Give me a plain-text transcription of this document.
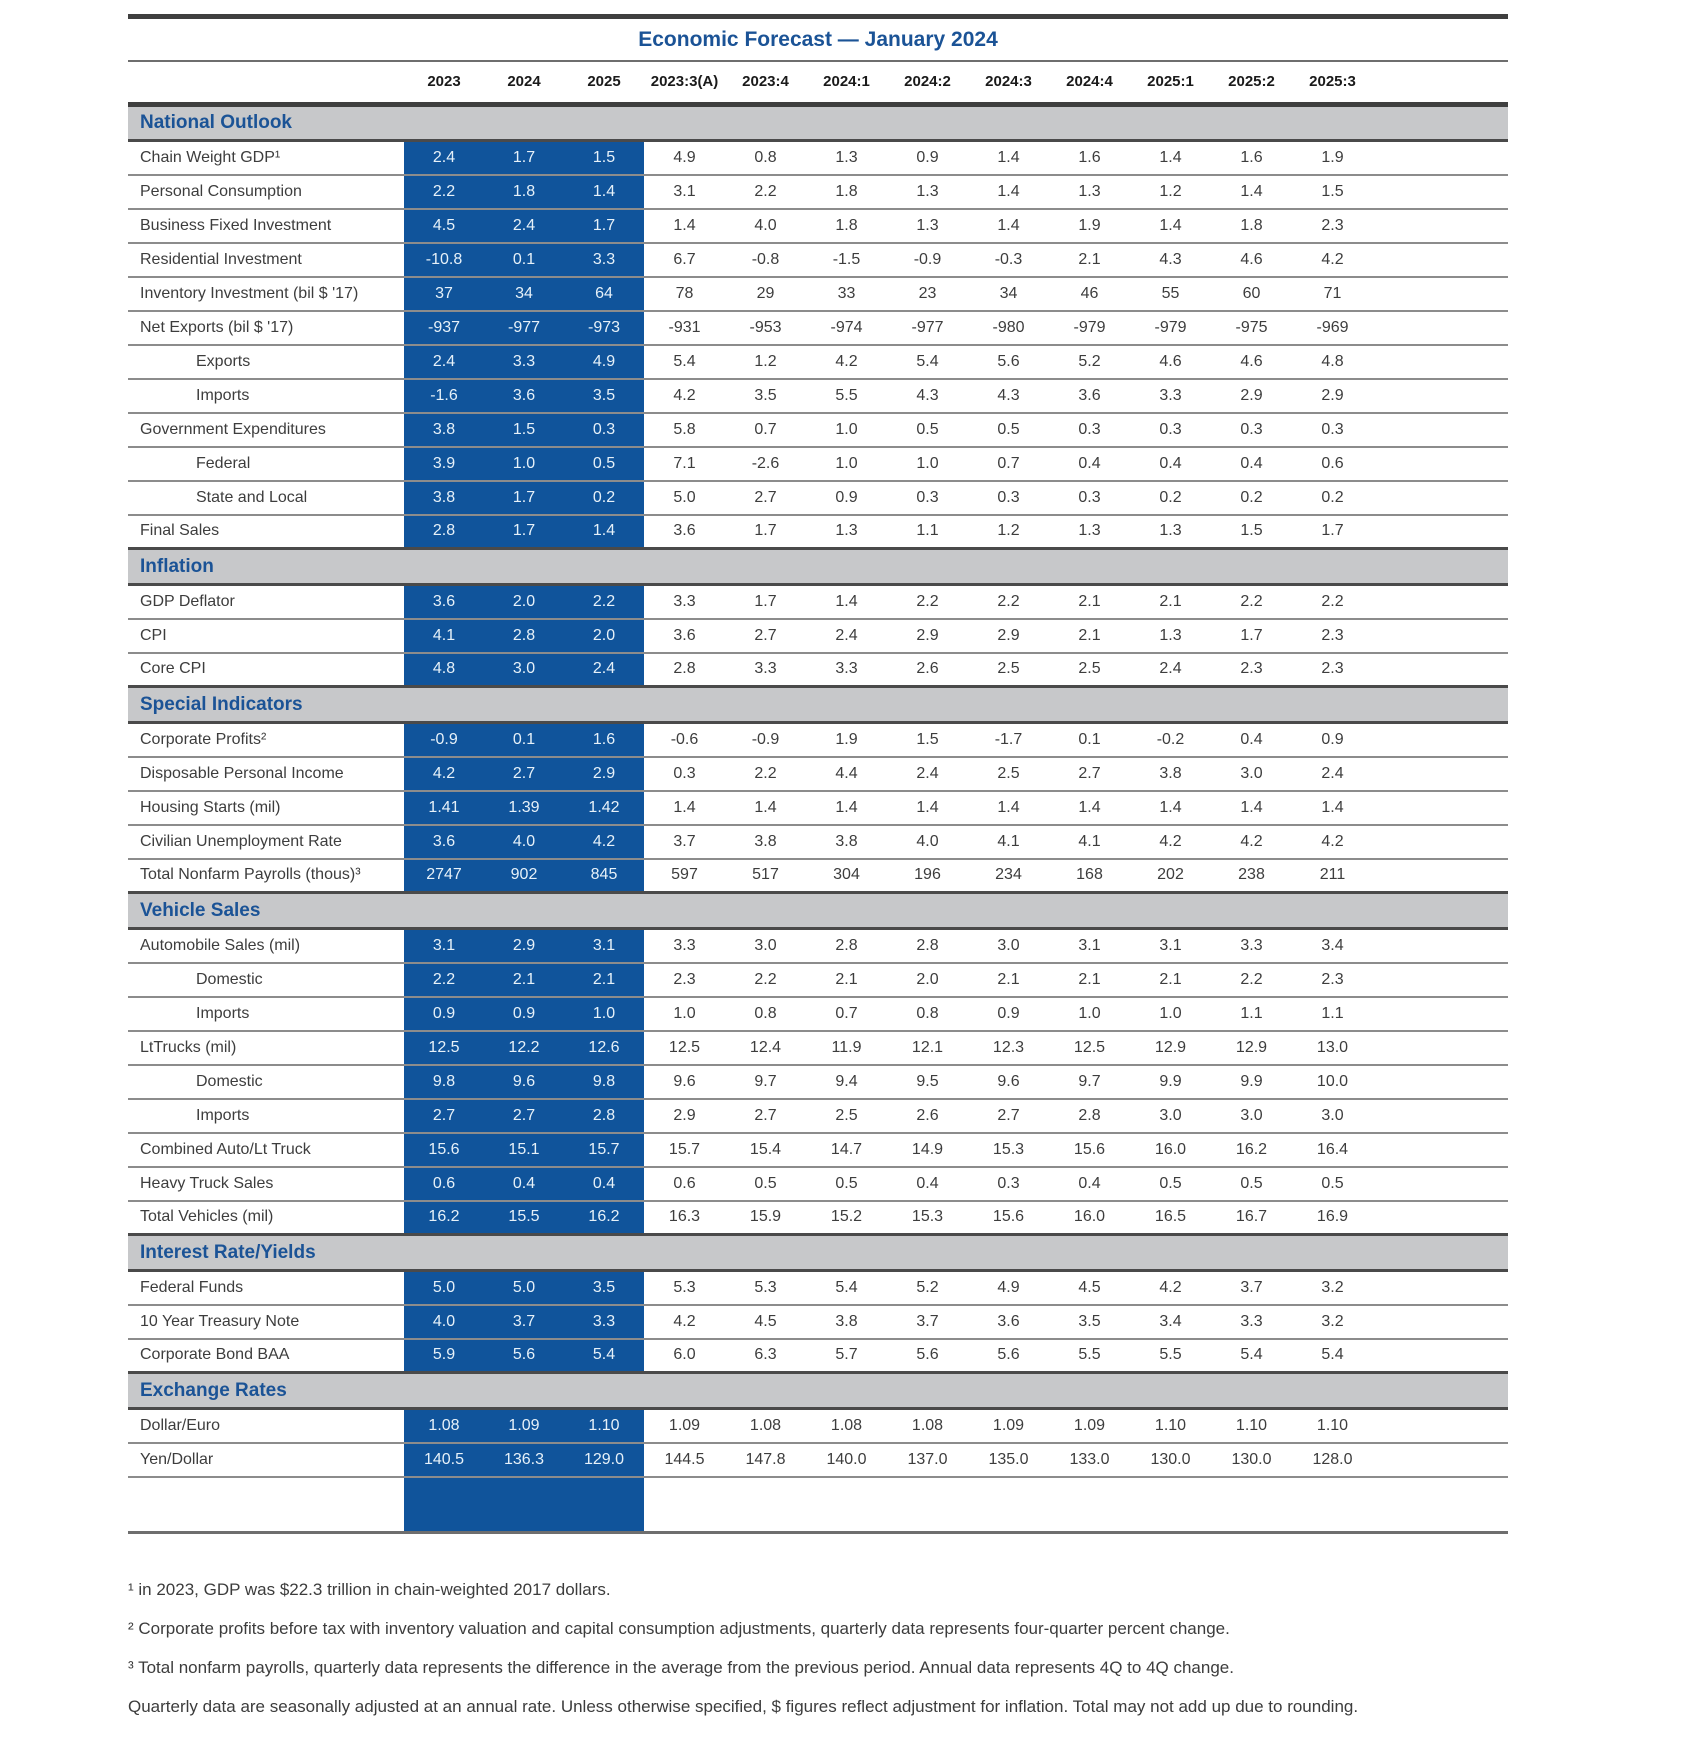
Economic Forecast — January 2024
	2023	2024	2025	2023:3(A)	2023:4	2024:1	2024:2	2024:3	2024:4	2025:1	2025:2	2025:3	
National Outlook													
Chain Weight GDP¹	2.4	1.7	1.5	4.9	0.8	1.3	0.9	1.4	1.6	1.4	1.6	1.9	
Personal Consumption	2.2	1.8	1.4	3.1	2.2	1.8	1.3	1.4	1.3	1.2	1.4	1.5	
Business Fixed Investment	4.5	2.4	1.7	1.4	4.0	1.8	1.3	1.4	1.9	1.4	1.8	2.3	
Residential Investment	-10.8	0.1	3.3	6.7	-0.8	-1.5	-0.9	-0.3	2.1	4.3	4.6	4.2	
Inventory Investment (bil $ '17)	37	34	64	78	29	33	23	34	46	55	60	71	
Net Exports (bil $ '17)	-937	-977	-973	-931	-953	-974	-977	-980	-979	-979	-975	-969	
Exports	2.4	3.3	4.9	5.4	1.2	4.2	5.4	5.6	5.2	4.6	4.6	4.8	
Imports	-1.6	3.6	3.5	4.2	3.5	5.5	4.3	4.3	3.6	3.3	2.9	2.9	
Government Expenditures	3.8	1.5	0.3	5.8	0.7	1.0	0.5	0.5	0.3	0.3	0.3	0.3	
Federal	3.9	1.0	0.5	7.1	-2.6	1.0	1.0	0.7	0.4	0.4	0.4	0.6	
State and Local	3.8	1.7	0.2	5.0	2.7	0.9	0.3	0.3	0.3	0.2	0.2	0.2	
Final Sales	2.8	1.7	1.4	3.6	1.7	1.3	1.1	1.2	1.3	1.3	1.5	1.7	
Inflation													
GDP Deflator	3.6	2.0	2.2	3.3	1.7	1.4	2.2	2.2	2.1	2.1	2.2	2.2	
CPI	4.1	2.8	2.0	3.6	2.7	2.4	2.9	2.9	2.1	1.3	1.7	2.3	
Core CPI	4.8	3.0	2.4	2.8	3.3	3.3	2.6	2.5	2.5	2.4	2.3	2.3	
Special Indicators													
Corporate Profits²	-0.9	0.1	1.6	-0.6	-0.9	1.9	1.5	-1.7	0.1	-0.2	0.4	0.9	
Disposable Personal Income	4.2	2.7	2.9	0.3	2.2	4.4	2.4	2.5	2.7	3.8	3.0	2.4	
Housing Starts (mil)	1.41	1.39	1.42	1.4	1.4	1.4	1.4	1.4	1.4	1.4	1.4	1.4	
Civilian Unemployment Rate	3.6	4.0	4.2	3.7	3.8	3.8	4.0	4.1	4.1	4.2	4.2	4.2	
Total Nonfarm Payrolls (thous)³	2747	902	845	597	517	304	196	234	168	202	238	211	
Vehicle Sales													
Automobile Sales (mil)	3.1	2.9	3.1	3.3	3.0	2.8	2.8	3.0	3.1	3.1	3.3	3.4	
Domestic	2.2	2.1	2.1	2.3	2.2	2.1	2.0	2.1	2.1	2.1	2.2	2.3	
Imports	0.9	0.9	1.0	1.0	0.8	0.7	0.8	0.9	1.0	1.0	1.1	1.1	
LtTrucks (mil)	12.5	12.2	12.6	12.5	12.4	11.9	12.1	12.3	12.5	12.9	12.9	13.0	
Domestic	9.8	9.6	9.8	9.6	9.7	9.4	9.5	9.6	9.7	9.9	9.9	10.0	
Imports	2.7	2.7	2.8	2.9	2.7	2.5	2.6	2.7	2.8	3.0	3.0	3.0	
Combined Auto/Lt Truck	15.6	15.1	15.7	15.7	15.4	14.7	14.9	15.3	15.6	16.0	16.2	16.4	
Heavy Truck Sales	0.6	0.4	0.4	0.6	0.5	0.5	0.4	0.3	0.4	0.5	0.5	0.5	
Total Vehicles (mil)	16.2	15.5	16.2	16.3	15.9	15.2	15.3	15.6	16.0	16.5	16.7	16.9	
Interest Rate/Yields													
Federal Funds	5.0	5.0	3.5	5.3	5.3	5.4	5.2	4.9	4.5	4.2	3.7	3.2	
10 Year Treasury Note	4.0	3.7	3.3	4.2	4.5	3.8	3.7	3.6	3.5	3.4	3.3	3.2	
Corporate Bond BAA	5.9	5.6	5.4	6.0	6.3	5.7	5.6	5.6	5.5	5.5	5.4	5.4	
Exchange Rates													
Dollar/Euro	1.08	1.09	1.10	1.09	1.08	1.08	1.08	1.09	1.09	1.10	1.10	1.10	
Yen/Dollar	140.5	136.3	129.0	144.5	147.8	140.0	137.0	135.0	133.0	130.0	130.0	128.0	

¹ in 2023, GDP was $22.3 trillion in chain-weighted 2017 dollars.
² Corporate profits before tax with inventory valuation and capital consumption adjustments, quarterly data represents four-quarter percent change.
³ Total nonfarm payrolls, quarterly data represents the difference in the average from the previous period. Annual data represents 4Q to 4Q change.
Quarterly data are seasonally adjusted at an annual rate. Unless otherwise specified, $ figures reflect adjustment for inflation. Total may not add up due to rounding.
